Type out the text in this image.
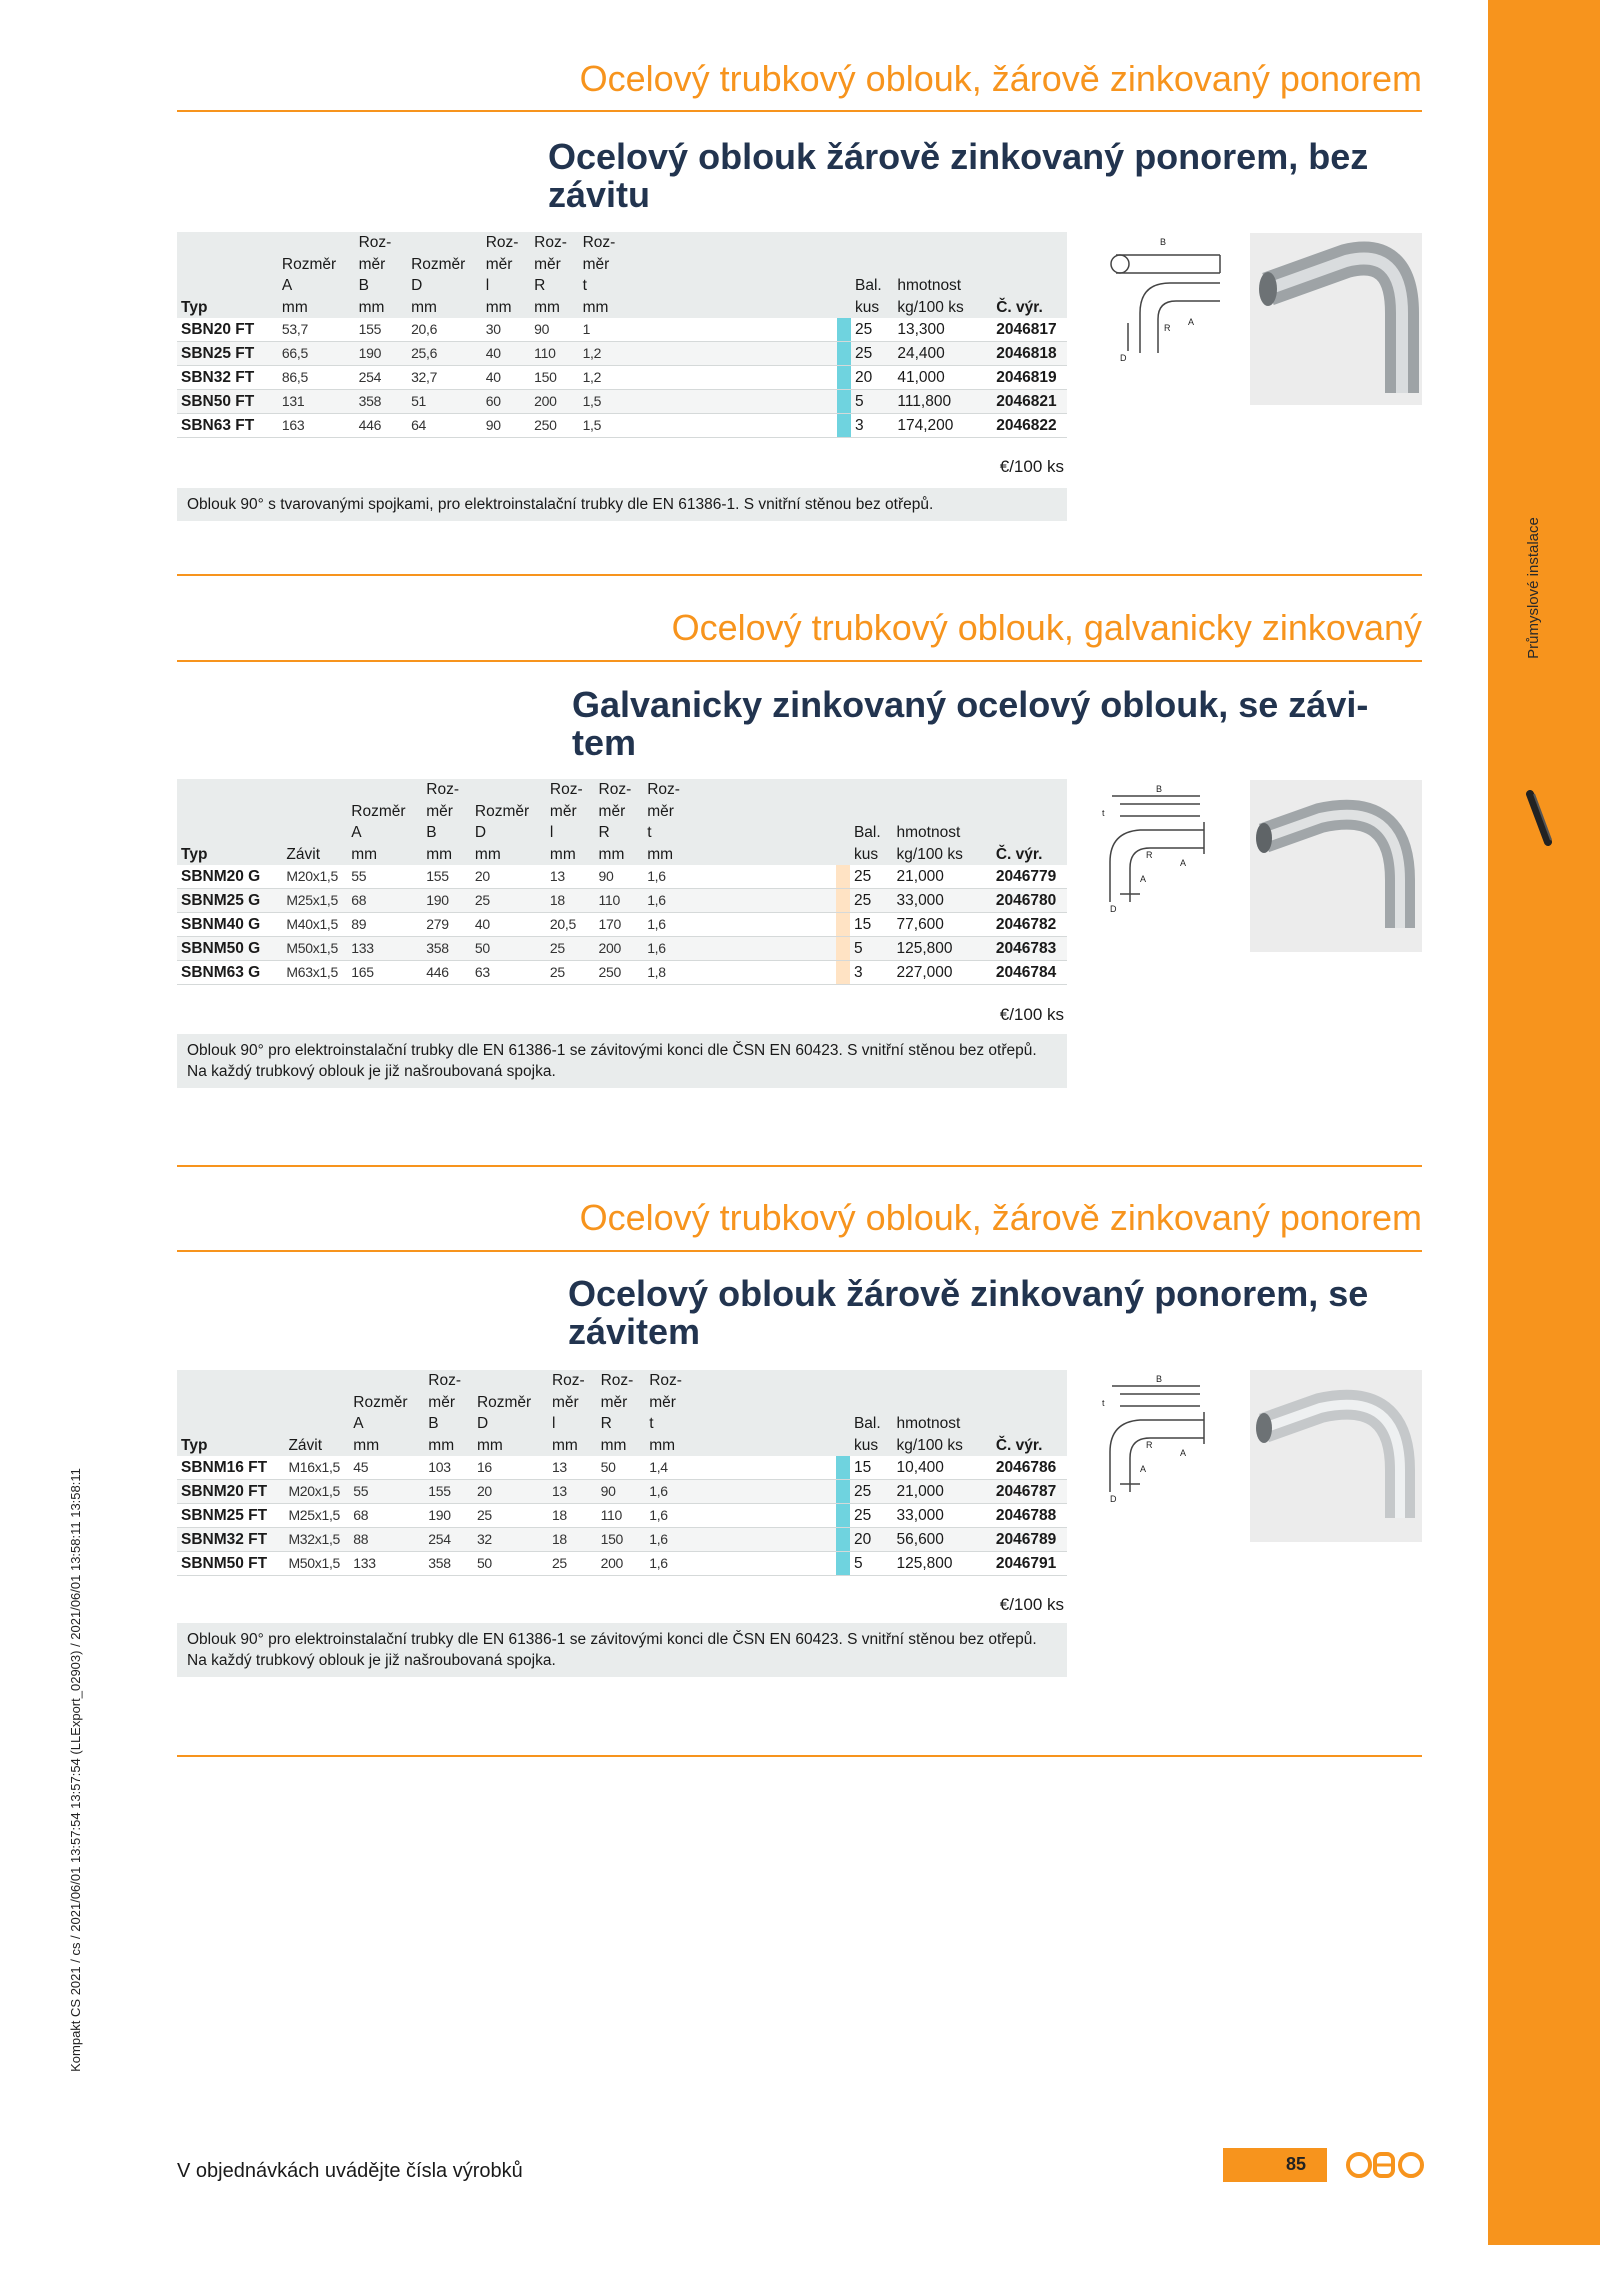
Průmyslové instalace
Kompakt CS 2021 / cs / 2021/06/01 13:57:54 13:57:54 (LLExport_02903) / 2021/06/01 13:58:11 13:58:11
Ocelový trubkový oblouk, žárově zinkovaný ponorem
Ocelový oblouk žárově zinkovaný ponorem, bez závitu
Typ	Rozměr
A
mm	Roz-
měr
B
mm	Rozměr
D
mm	Roz-
měr
l
mm	Roz-
měr
R
mm	Roz-
měr
t
mm			Bal.
kus	hmotnost
kg/100 ks	Č. výr.
SBN20 FT	53,7	155	20,6	30	90	1			25	13,300	2046817
SBN25 FT	66,5	190	25,6	40	110	1,2			25	24,400	2046818
SBN32 FT	86,5	254	32,7	40	150	1,2			20	41,000	2046819
SBN50 FT	131	358	51	60	200	1,5			5	111,800	2046821
SBN63 FT	163	446	64	90	250	1,5			3	174,200	2046822
€/100 ks
Oblouk 90° s tvarovanými spojkami, pro elektroinstalační trubky dle EN 61386-1. S vnitřní stěnou bez otřepů.
B
A
R
D
Ocelový trubkový oblouk, galvanicky zinkovaný
Galvanicky zinkovaný ocelový oblouk, se závi-tem
Typ	Závit	Rozměr
A
mm	Roz-
měr
B
mm	Rozměr
D
mm	Roz-
měr
l
mm	Roz-
měr
R
mm	Roz-
měr
t
mm			Bal.
kus	hmotnost
kg/100 ks	Č. výr.
SBNM20 G	M20x1,5	55	155	20	13	90	1,6			25	21,000	2046779
SBNM25 G	M25x1,5	68	190	25	18	110	1,6			25	33,000	2046780
SBNM40 G	M40x1,5	89	279	40	20,5	170	1,6			15	77,600	2046782
SBNM50 G	M50x1,5	133	358	50	25	200	1,6			5	125,800	2046783
SBNM63 G	M63x1,5	165	446	63	25	250	1,8			3	227,000	2046784
€/100 ks
Oblouk 90° pro elektroinstalační trubky dle EN 61386-1 se závitovými konci dle ČSN EN 60423. S vnitřní stěnou bez otřepů.
Na každý trubkový oblouk je již našroubovaná spojka.
B
t
A
R
A
D
Ocelový trubkový oblouk, žárově zinkovaný ponorem
Ocelový oblouk žárově zinkovaný ponorem, se závitem
Typ	Závit	Rozměr
A
mm	Roz-
měr
B
mm	Rozměr
D
mm	Roz-
měr
l
mm	Roz-
měr
R
mm	Roz-
měr
t
mm			Bal.
kus	hmotnost
kg/100 ks	Č. výr.
SBNM16 FT	M16x1,5	45	103	16	13	50	1,4			15	10,400	2046786
SBNM20 FT	M20x1,5	55	155	20	13	90	1,6			25	21,000	2046787
SBNM25 FT	M25x1,5	68	190	25	18	110	1,6			25	33,000	2046788
SBNM32 FT	M32x1,5	88	254	32	18	150	1,6			20	56,600	2046789
SBNM50 FT	M50x1,5	133	358	50	25	200	1,6			5	125,800	2046791
€/100 ks
Oblouk 90° pro elektroinstalační trubky dle EN 61386-1 se závitovými konci dle ČSN EN 60423. S vnitřní stěnou bez otřepů.
Na každý trubkový oblouk je již našroubovaná spojka.
B
t
A
R
A
D
V objednávkách uvádějte čísla výrobků	85
